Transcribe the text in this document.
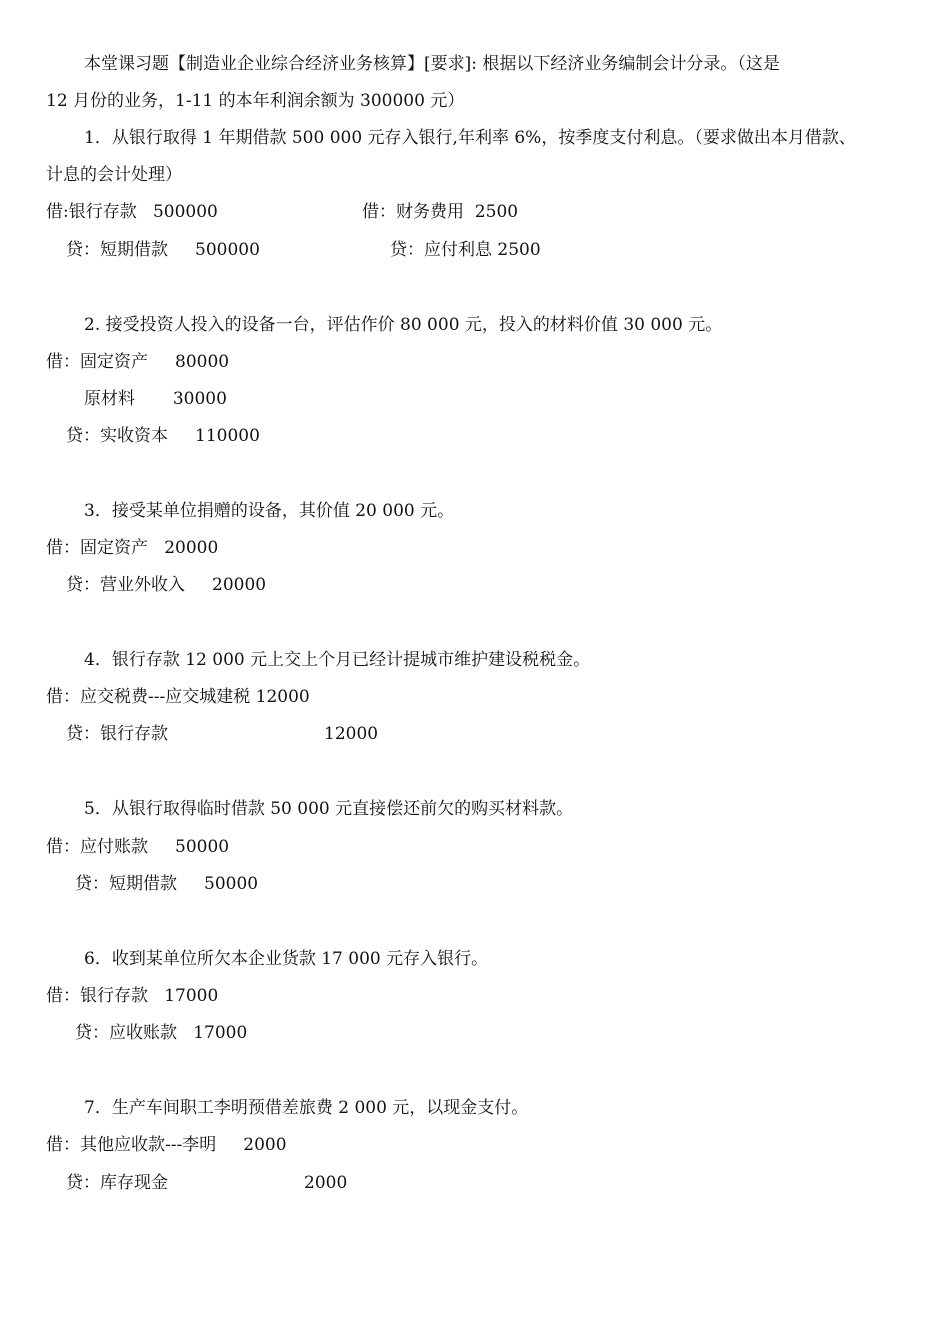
本堂课习题【制造业企业综合经济业务核算】[要求]: 根据以下经济业务编制会计分录。（这是
12 月份的业务，1-11 的本年利润余额为 300000 元）
1．从银行取得 1 年期借款 500 000 元存入银行,年利率 6%，按季度支付利息。（要求做出本月借款、
计息的会计处理）
借:银行存款   500000	借：财务费用  2500
贷：短期借款     500000	贷：应付利息 2500
2. 接受投资人投入的设备一台，评估作价 80 000 元，投入的材料价值 30 000 元。
借：固定资产     80000
原材料       30000
贷：实收资本     110000
3．接受某单位捐赠的设备，其价值 20 000 元。
借：固定资产   20000
贷：营业外收入     20000
4．银行存款 12 000 元上交上个月已经计提城市维护建设税税金。
借：应交税费---应交城建税 12000
贷：银行存款	12000
5．从银行取得临时借款 50 000 元直接偿还前欠的购买材料款。
借：应付账款     50000
贷：短期借款     50000
6．收到某单位所欠本企业货款 17 000 元存入银行。
借：银行存款   17000
贷：应收账款   17000
7．生产车间职工李明预借差旅费 2 000 元，以现金支付。
借：其他应收款---李明     2000
贷：库存现金	2000
